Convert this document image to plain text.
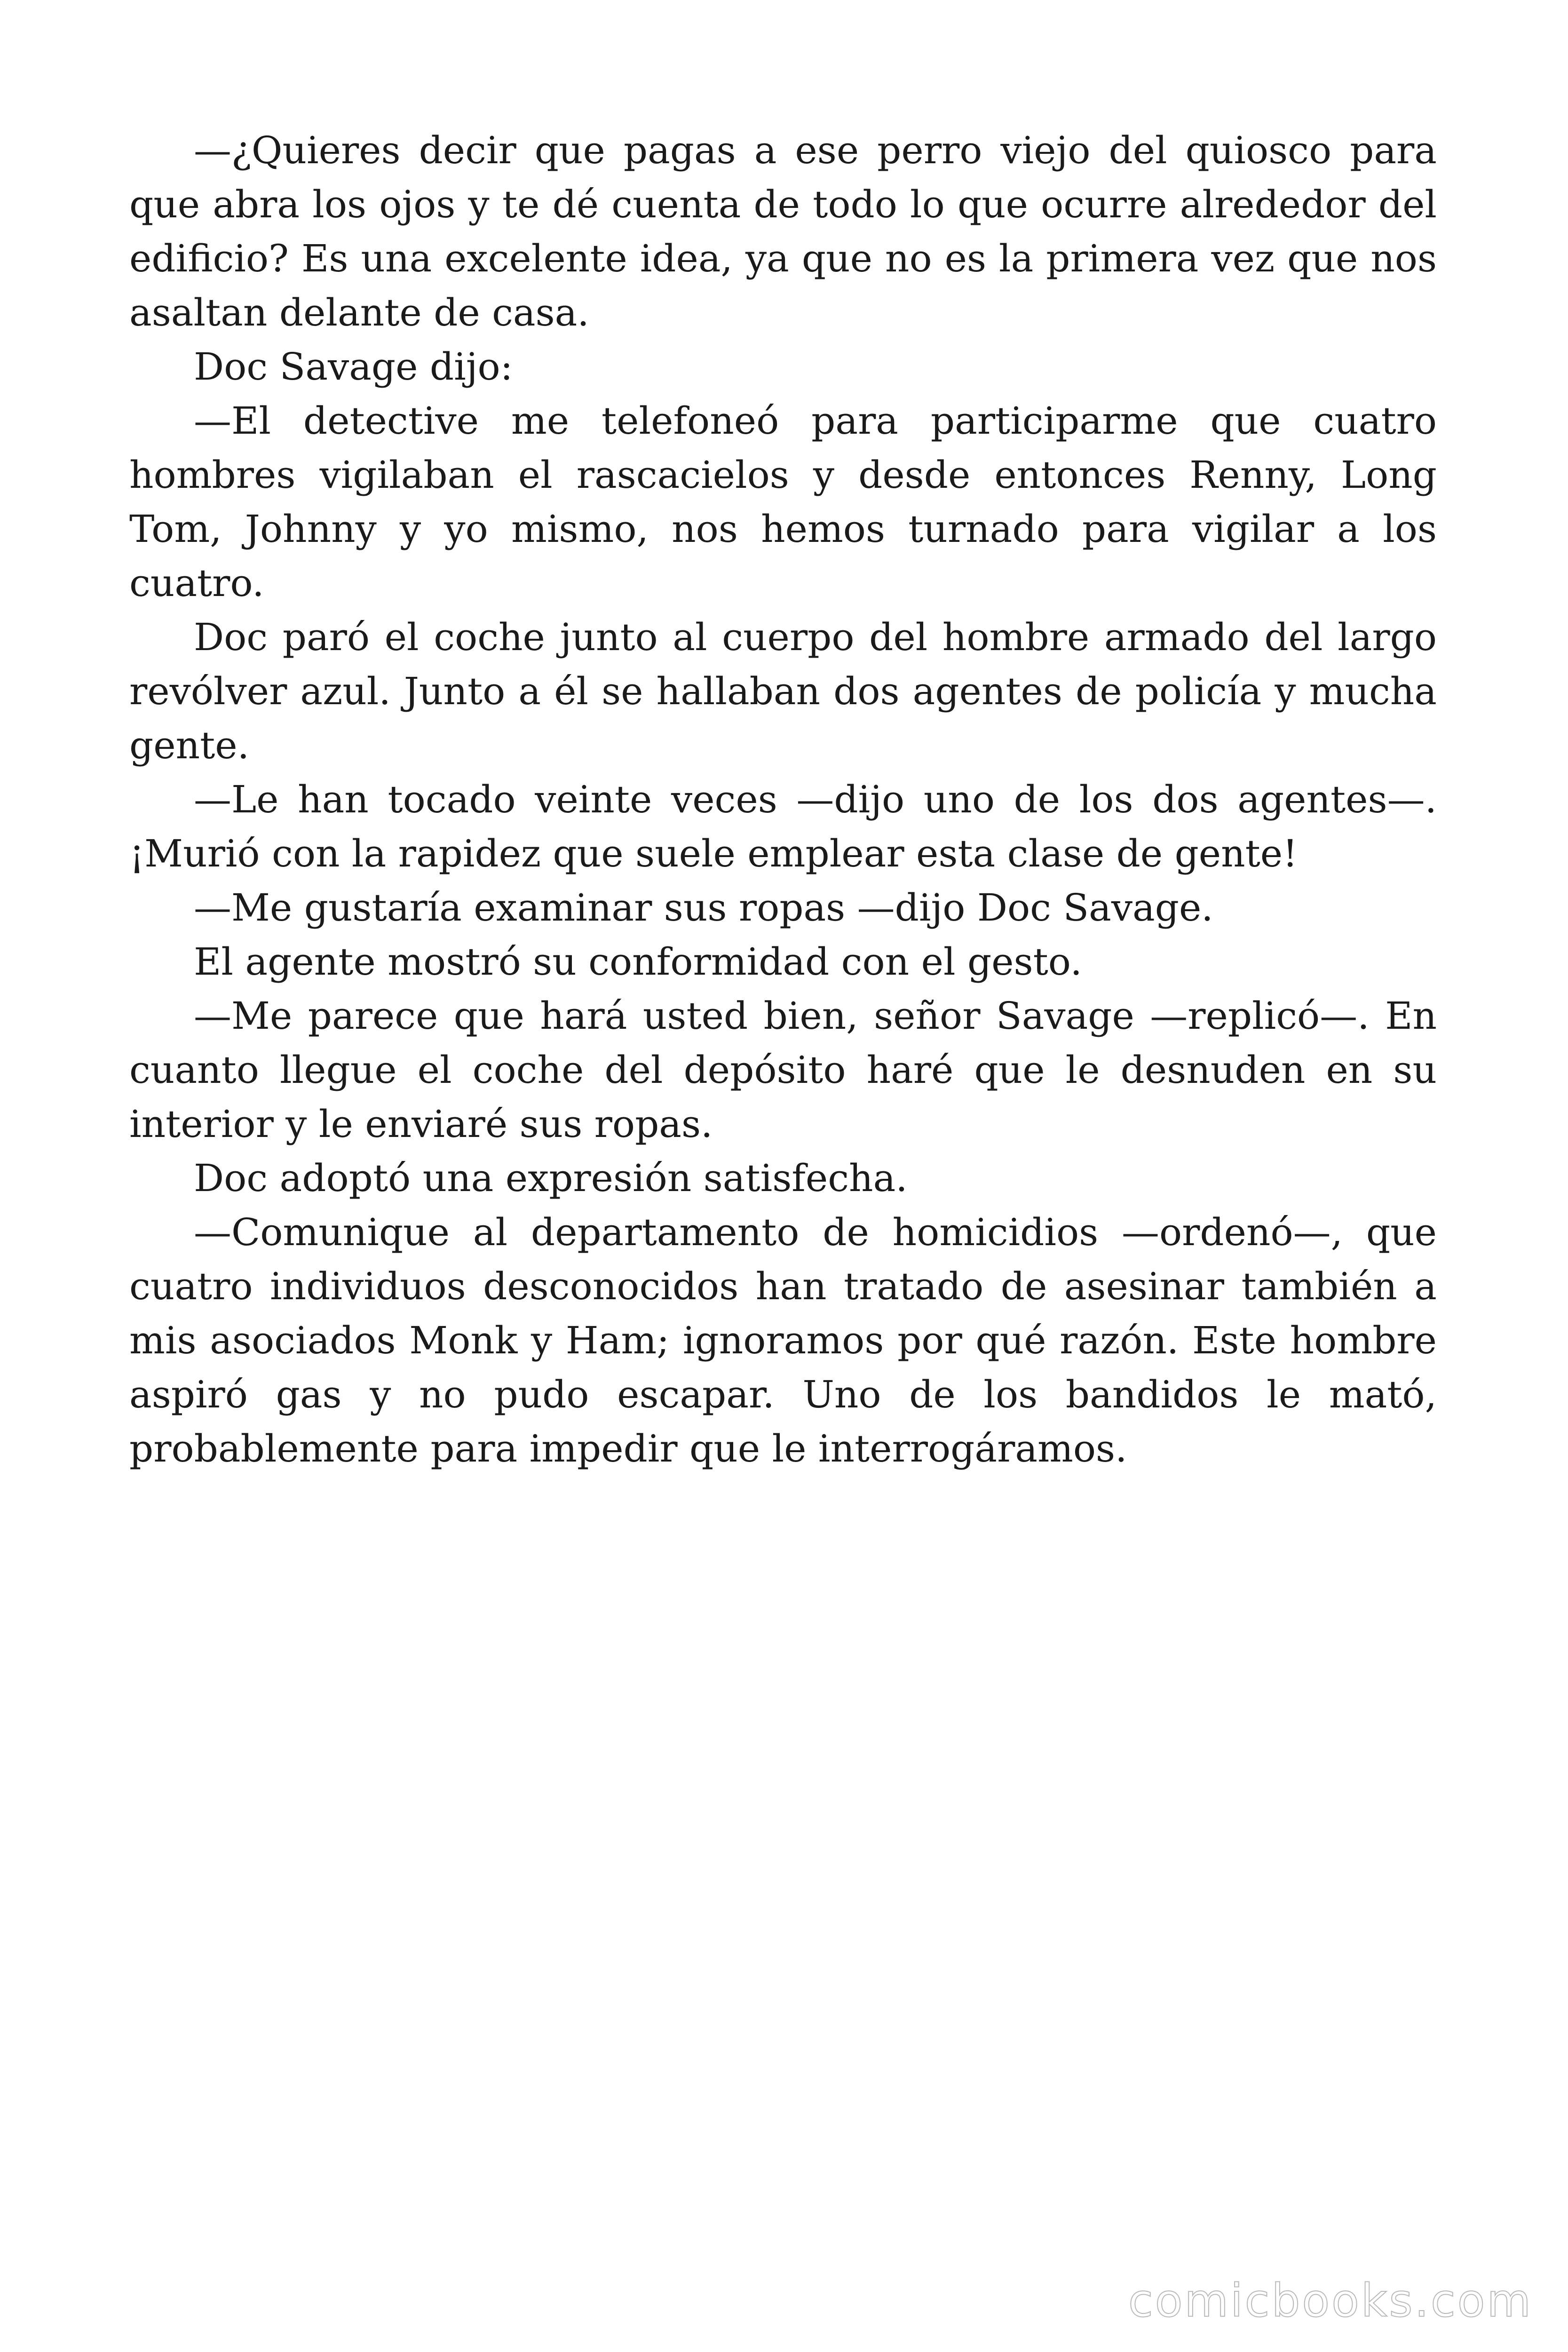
—¿Quieres decir que pagas a ese perro viejo del quiosco para que abra los ojos y te dé cuenta de todo lo que ocurre alrededor del edificio? Es una excelente idea, ya que no es la primera vez que nos asaltan delante de casa.

Doc Savage dijo:

—El detective me telefoneó para participarme que cuatro hombres vigilaban el rascacielos y desde entonces Renny, Long Tom, Johnny y yo mismo, nos hemos turnado para vigilar a los cuatro.

Doc paró el coche junto al cuerpo del hombre armado del largo revólver azul. Junto a él se hallaban dos agentes de policía y mucha gente.

—Le han tocado veinte veces —dijo uno de los dos agentes—. ¡Murió con la rapidez que suele emplear esta clase de gente!

—Me gustaría examinar sus ropas —dijo Doc Savage.

El agente mostró su conformidad con el gesto.

—Me parece que hará usted bien, señor Savage —replicó—. En cuanto llegue el coche del depósito haré que le desnuden en su interior y le enviaré sus ropas.

Doc adoptó una expresión satisfecha.

—Comunique al departamento de homicidios —ordenó—, que cuatro individuos desconocidos han tratado de asesinar también a mis asociados Monk y Ham; ignoramos por qué razón. Este hombre aspiró gas y no pudo escapar. Uno de los bandidos le mató, probablemente para impedir que le interrogáramos.

comicbooks.com
